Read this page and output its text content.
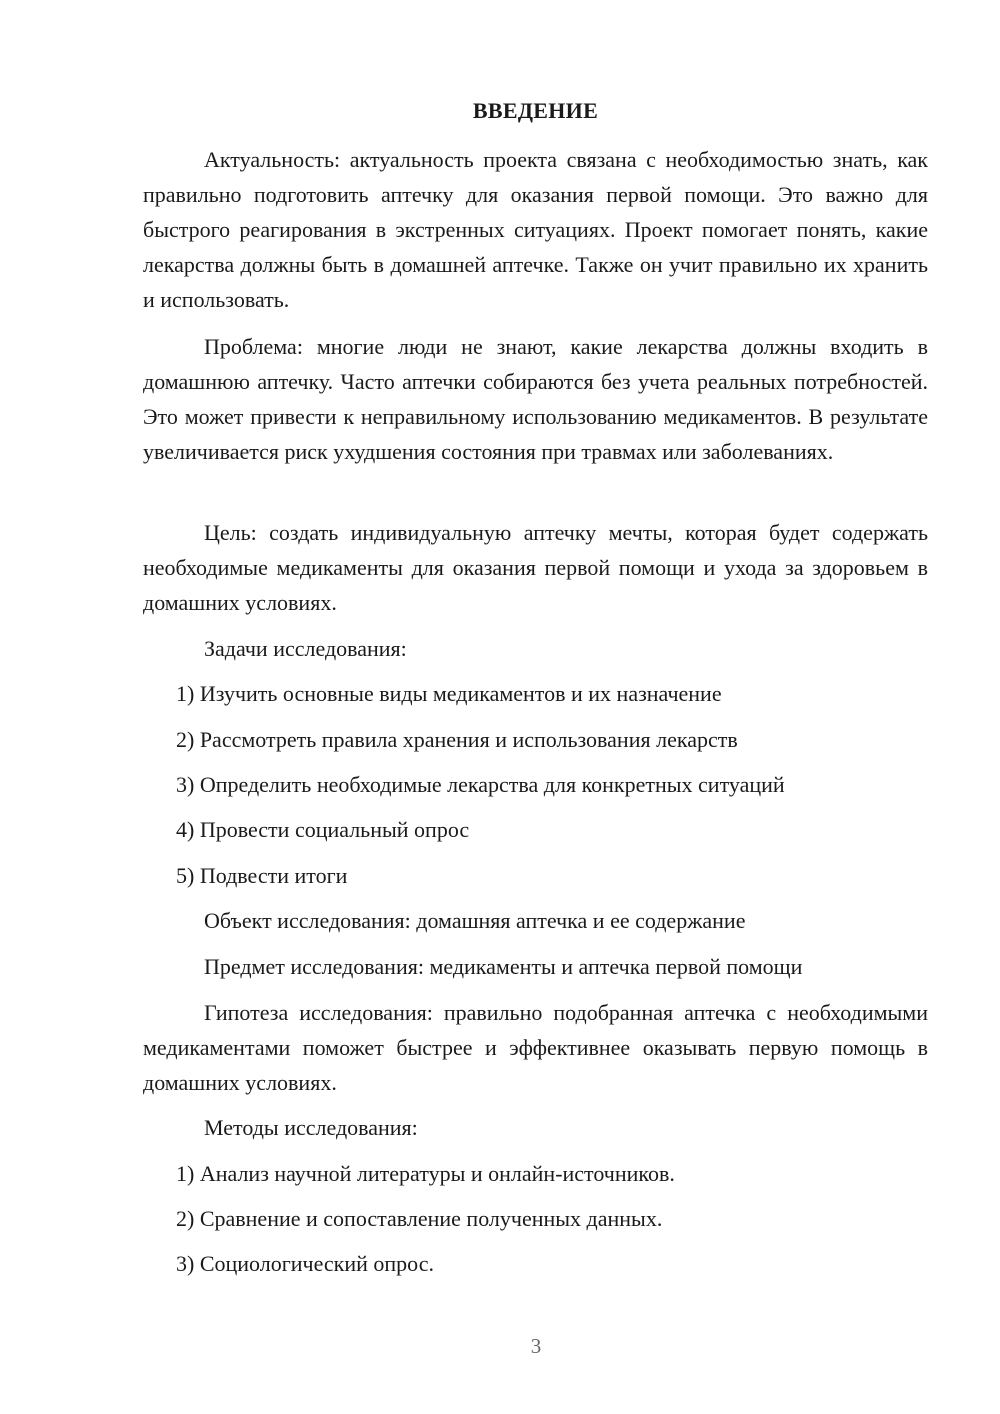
ВВЕДЕНИЕ

Актуальность: актуальность проекта связана с необходимостью знать, как правильно подготовить аптечку для оказания первой помощи. Это важно для быстрого реагирования в экстренных ситуациях. Проект помогает понять, какие лекарства должны быть в домашней аптечке. Также он учит правильно их хранить и использовать.

Проблема: многие люди не знают, какие лекарства должны входить в домашнюю аптечку. Часто аптечки собираются без учета реальных потребностей. Это может привести к неправильному использованию медикаментов. В результате увеличивается риск ухудшения состояния при травмах или заболеваниях.

Цель: создать индивидуальную аптечку мечты, которая будет содержать необходимые медикаменты для оказания первой помощи и ухода за здоровьем в домашних условиях.

Задачи исследования:

1) Изучить основные виды медикаментов и их назначение

2) Рассмотреть правила хранения и использования лекарств

3) Определить необходимые лекарства для конкретных ситуаций

4) Провести социальный опрос

5) Подвести итоги

Объект исследования: домашняя аптечка и ее содержание

Предмет исследования: медикаменты и аптечка первой помощи

Гипотеза исследования: правильно подобранная аптечка с необходимыми медикаментами поможет быстрее и эффективнее оказывать первую помощь в домашних условиях.

Методы исследования:

1) Анализ научной литературы и онлайн-источников.

2) Сравнение и сопоставление полученных данных.

3) Социологический опрос.

3
